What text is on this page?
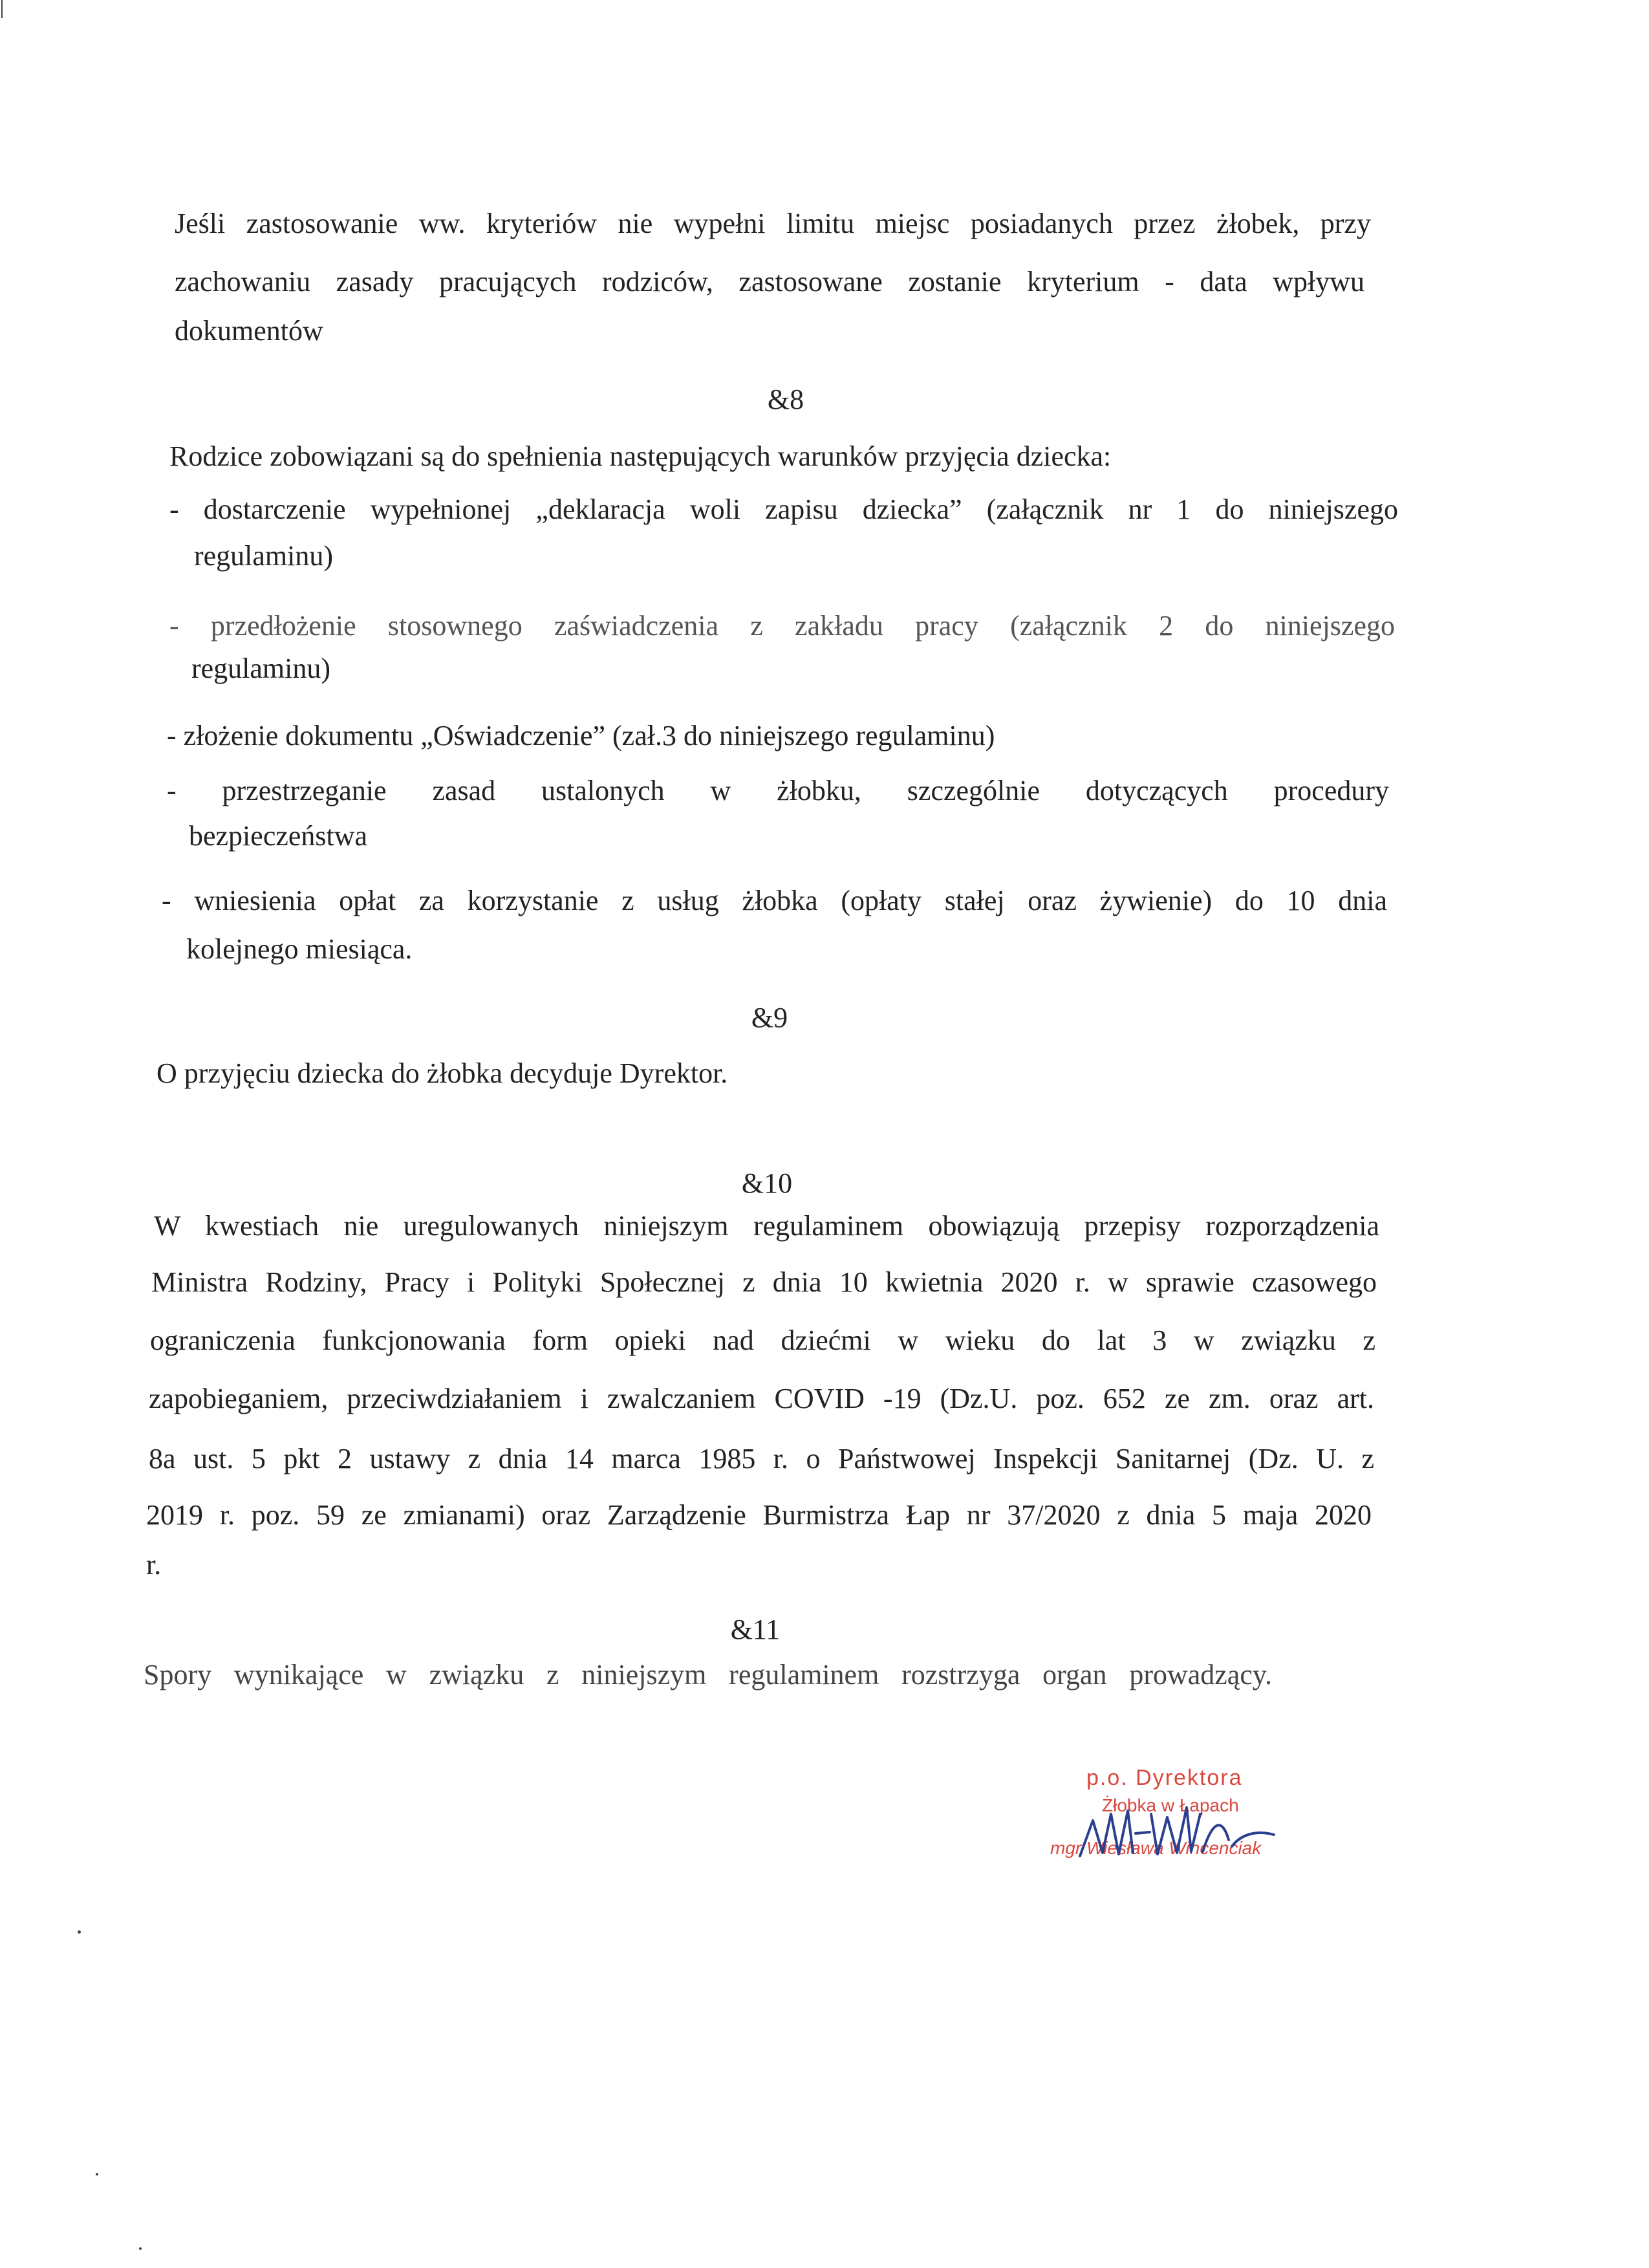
Jeśli zastosowanie ww. kryteriów nie wypełni limitu miejsc posiadanych przez żłobek, przy
zachowaniu zasady pracujących rodziców, zastosowane zostanie kryterium - data wpływu
dokumentów
&8
Rodzice zobowiązani są do spełnienia następujących warunków przyjęcia dziecka:
- dostarczenie wypełnionej „deklaracja woli zapisu dziecka” (załącznik nr 1 do niniejszego
regulaminu)
- przedłożenie stosownego zaświadczenia z zakładu pracy (załącznik 2 do niniejszego
regulaminu)
- złożenie dokumentu „Oświadczenie” (zał.3 do niniejszego regulaminu)
- przestrzeganie zasad ustalonych w żłobku, szczególnie dotyczących procedury
bezpieczeństwa
- wniesienia opłat za korzystanie z usług żłobka (opłaty stałej oraz żywienie) do 10 dnia
kolejnego miesiąca.
&9
O przyjęciu dziecka do żłobka decyduje Dyrektor.
&10
W kwestiach nie uregulowanych niniejszym regulaminem obowiązują przepisy rozporządzenia
Ministra Rodziny, Pracy i Polityki Społecznej z dnia 10 kwietnia 2020 r. w sprawie czasowego
ograniczenia funkcjonowania form opieki nad dziećmi w wieku do lat 3 w związku z
zapobieganiem, przeciwdziałaniem i zwalczaniem COVID -19 (Dz.U. poz. 652 ze zm. oraz art.
8a ust. 5 pkt 2 ustawy z dnia 14 marca 1985 r. o Państwowej Inspekcji Sanitarnej (Dz. U. z
2019 r. poz. 59 ze zmianami) oraz Zarządzenie Burmistrza Łap nr 37/2020 z dnia 5 maja 2020
r.
&11
Spory wynikające w związku z niniejszym regulaminem rozstrzyga organ prowadzący.
p.o. Dyrektora
Żłobka w Łapach
mgr Wiesława Wincenciak
